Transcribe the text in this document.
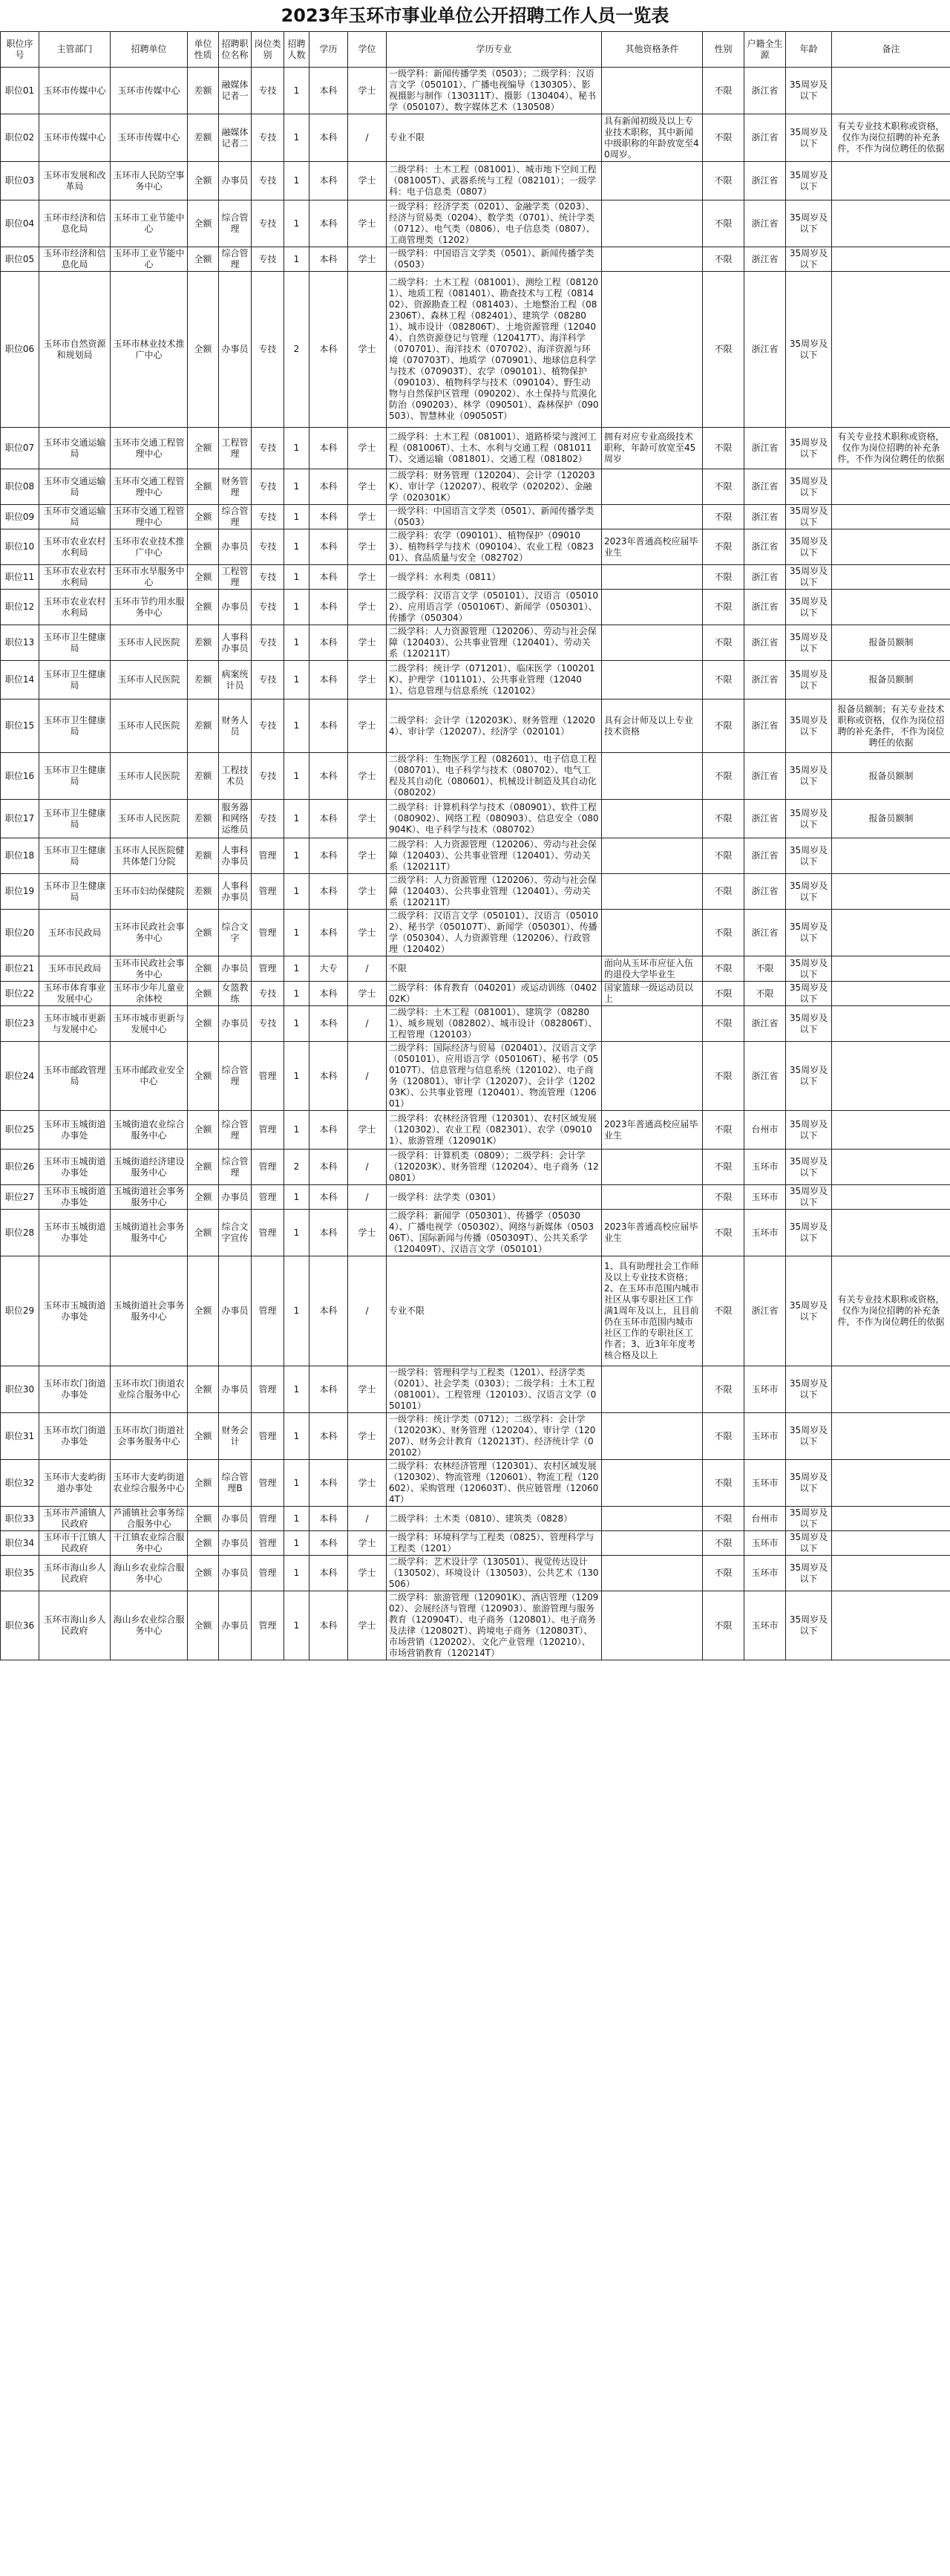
2023年玉环市事业单位公开招聘工作人员一览表
职位序号	主管部门	招聘单位	单位性质	招聘职位名称	岗位类别	招聘人数	学历	学位	学历专业	其他资格条件	性别	户籍全生源	年龄	备注
职位01	玉环市传媒中心	玉环市传媒中心	差额	融媒体记者一	专技	1	本科	学士	一级学科：新闻传播学类（0503）；二级学科：汉语言文学（050101）、广播电视编导（130305）、影视摄影与制作（130311T）、摄影（130404）、秘书学（050107）、数字媒体艺术（130508）		不限	浙江省	35周岁及以下	
职位02	玉环市传媒中心	玉环市传媒中心	差额	融媒体记者二	专技	1	本科	/	专业不限	具有新闻初级及以上专业技术职称，其中新闻中级职称的年龄放宽至40周岁。	不限	浙江省	35周岁及以下	有关专业技术职称或资格，仅作为岗位招聘的补充条件，不作为岗位聘任的依据
职位03	玉环市发展和改革局	玉环市人民防空事务中心	全额	办事员	专技	1	本科	学士	二级学科：土木工程（081001）、城市地下空间工程（081005T）、武器系统与工程（082101）；一级学科：电子信息类（0807）		不限	浙江省	35周岁及以下	
职位04	玉环市经济和信息化局	玉环市工业节能中心	全额	综合管理	专技	1	本科	学士	一级学科：经济学类（0201）、金融学类（0203）、经济与贸易类（0204）、数学类（0701）、统计学类（0712）、电气类（0806）、电子信息类（0807）、工商管理类（1202）		不限	浙江省	35周岁及以下	
职位05	玉环市经济和信息化局	玉环市工业节能中心	全额	综合管理	专技	1	本科	学士	一级学科：中国语言文学类（0501）、新闻传播学类（0503）		不限	浙江省	35周岁及以下	
职位06	玉环市自然资源和规划局	玉环市林业技术推广中心	全额	办事员	专技	2	本科	学士	二级学科：土木工程（081001）、测绘工程（081201）、地质工程（081401）、勘查技术与工程（081402）、资源勘查工程（081403）、土地整治工程（082306T）、森林工程（082401）、建筑学（082801）、城市设计（082806T）、土地资源管理（120404）、自然资源登记与管理（120417T）、海洋科学（070701）、海洋技术（070702）、海洋资源与环境（070703T）、地质学（070901）、地球信息科学与技术（070903T）、农学（090101）、植物保护（090103）、植物科学与技术（090104）、野生动物与自然保护区管理（090202）、水土保持与荒漠化防治（090203）、林学（090501）、森林保护（090503）、智慧林业（090505T）		不限	浙江省	35周岁及以下	
职位07	玉环市交通运输局	玉环市交通工程管理中心	全额	工程管理	专技	1	本科	学士	二级学科：土木工程（081001）、道路桥梁与渡河工程（081006T）、土木、水利与交通工程（081011T）、交通运输（081801）、交通工程（081802）	拥有对应专业高级技术职称，年龄可放宽至45周岁	不限	浙江省	35周岁及以下	有关专业技术职称或资格，仅作为岗位招聘的补充条件，不作为岗位聘任的依据
职位08	玉环市交通运输局	玉环市交通工程管理中心	全额	财务管理	专技	1	本科	学士	二级学科：财务管理（120204）、会计学（120203K）、审计学（120207）、税收学（020202）、金融学（020301K）		不限	浙江省	35周岁及以下	
职位09	玉环市交通运输局	玉环市交通工程管理中心	全额	综合管理	专技	1	本科	学士	一级学科：中国语言文学类（0501）、新闻传播学类（0503）		不限	浙江省	35周岁及以下	
职位10	玉环市农业农村水利局	玉环市农业技术推广中心	全额	办事员	专技	1	本科	学士	二级学科：农学（090101）、植物保护（090103）、植物科学与技术（090104）、农业工程（082301）、食品质量与安全（082702）	2023年普通高校应届毕业生	不限	浙江省	35周岁及以下	
职位11	玉环市农业农村水利局	玉环市水旱服务中心	全额	工程管理	专技	1	本科	学士	一级学科：水利类（0811）		不限	浙江省	35周岁及以下	
职位12	玉环市农业农村水利局	玉环市节约用水服务中心	全额	办事员	专技	1	本科	学士	二级学科：汉语言文学（050101）、汉语言（050102）、应用语言学（050106T）、新闻学（050301）、传播学（050304）		不限	浙江省	35周岁及以下	
职位13	玉环市卫生健康局	玉环市人民医院	差额	人事科办事员	专技	1	本科	学士	二级学科：人力资源管理（120206）、劳动与社会保障（120403）、公共事业管理（120401）、劳动关系（120211T）		不限	浙江省	35周岁及以下	报备员额制
职位14	玉环市卫生健康局	玉环市人民医院	差额	病案统计员	专技	1	本科	学士	二级学科：统计学（071201）、临床医学（100201K）、护理学（101101）、公共事业管理（120401）、信息管理与信息系统（120102）		不限	浙江省	35周岁及以下	报备员额制
职位15	玉环市卫生健康局	玉环市人民医院	差额	财务人员	专技	1	本科	学士	二级学科：会计学（120203K）、财务管理（120204）、审计学（120207）、经济学（020101）	具有会计师及以上专业技术资格	不限	浙江省	35周岁及以下	报备员额制；有关专业技术职称或资格，仅作为岗位招聘的补充条件，不作为岗位聘任的依据
职位16	玉环市卫生健康局	玉环市人民医院	差额	工程技术员	专技	1	本科	学士	二级学科：生物医学工程（082601）、电子信息工程（080701）、电子科学与技术（080702）、电气工程及其自动化（080601）、机械设计制造及其自动化（080202）		不限	浙江省	35周岁及以下	报备员额制
职位17	玉环市卫生健康局	玉环市人民医院	差额	服务器和网络运维员	专技	1	本科	学士	二级学科：计算机科学与技术（080901）、软件工程（080902）、网络工程（080903）、信息安全（080904K）、电子科学与技术（080702）		不限	浙江省	35周岁及以下	报备员额制
职位18	玉环市卫生健康局	玉环市人民医院健共体楚门分院	差额	人事科办事员	管理	1	本科	学士	二级学科：人力资源管理（120206）、劳动与社会保障（120403）、公共事业管理（120401）、劳动关系（120211T）		不限	浙江省	35周岁及以下	
职位19	玉环市卫生健康局	玉环市妇幼保健院	差额	人事科办事员	管理	1	本科	学士	二级学科：人力资源管理（120206）、劳动与社会保障（120403）、公共事业管理（120401）、劳动关系（120211T）		不限	浙江省	35周岁及以下	
职位20	玉环市民政局	玉环市民政社会事务中心	全额	综合文字	管理	1	本科	学士	二级学科：汉语言文学（050101）、汉语言（050102）、秘书学（050107T）、新闻学（050301）、传播学（050304）、人力资源管理（120206）、行政管理（120402）		不限	浙江省	35周岁及以下	
职位21	玉环市民政局	玉环市民政社会事务中心	全额	办事员	管理	1	大专	/	不限	面向从玉环市应征入伍的退役大学毕业生	不限	不限	35周岁及以下	
职位22	玉环市体育事业发展中心	玉环市少年儿童业余体校	全额	女篮教练	专技	1	本科	学士	二级学科：体育教育（040201）或运动训练（040202K）	国家篮球一级运动员以上	不限	不限	35周岁及以下	
职位23	玉环市城市更新与发展中心	玉环市城市更新与发展中心	全额	办事员	专技	1	本科	/	二级学科：土木工程（081001）、建筑学（082801）、城乡规划（082802）、城市设计（082806T）、工程管理（120103）		不限	浙江省	35周岁及以下	
职位24	玉环市邮政管理局	玉环市邮政业安全中心	全额	综合管理	管理	1	本科	/	二级学科：国际经济与贸易（020401）、汉语言文学（050101）、应用语言学（050106T）、秘书学（050107T）、信息管理与信息系统（120102）、电子商务（120801）、审计学（120207）、会计学（120203K）、公共事业管理（120401）、物流管理（120601）		不限	浙江省	35周岁及以下	
职位25	玉环市玉城街道办事处	玉城街道农业综合服务中心	全额	综合管理	管理	1	本科	学士	二级学科：农林经济管理（120301）、农村区域发展（120302）、农业工程（082301）、农学（090101）、旅游管理（120901K）	2023年普通高校应届毕业生	不限	台州市	35周岁及以下	
职位26	玉环市玉城街道办事处	玉城街道经济建设服务中心	全额	综合管理	管理	2	本科	/	一级学科：计算机类（0809）；二级学科：会计学（120203K）、财务管理（120204）、电子商务（120801）		不限	玉环市	35周岁及以下	
职位27	玉环市玉城街道办事处	玉城街道社会事务服务中心	全额	办事员	管理	1	本科	/	一级学科：法学类（0301）		不限	玉环市	35周岁及以下	
职位28	玉环市玉城街道办事处	玉城街道社会事务服务中心	全额	综合文字宣传	管理	1	本科	学士	二级学科：新闻学（050301）、传播学（050304）、广播电视学（050302）、网络与新媒体（050306T）、国际新闻与传播（050309T）、公共关系学（120409T）、汉语言文学（050101）	2023年普通高校应届毕业生	不限	玉环市	35周岁及以下	
职位29	玉环市玉城街道办事处	玉城街道社会事务服务中心	全额	办事员	管理	1	本科	/	专业不限	1、具有助理社会工作师及以上专业技术资格；2、在玉环市范围内城市社区从事专职社区工作满1周年及以上，且目前仍在玉环市范围内城市社区工作的专职社区工作者；3、近3年年度考核合格及以上	不限	浙江省	35周岁及以下	有关专业技术职称或资格，仅作为岗位招聘的补充条件，不作为岗位聘任的依据
职位30	玉环市坎门街道办事处	玉环市坎门街道农业综合服务中心	全额	办事员	管理	1	本科	学士	一级学科：管理科学与工程类（1201）、经济学类（0201）、社会学类（0303）；二级学科：土木工程（081001）、工程管理（120103）、汉语言文学（050101）		不限	玉环市	35周岁及以下	
职位31	玉环市坎门街道办事处	玉环市坎门街道社会事务服务中心	全额	财务会计	管理	1	本科	学士	一级学科：统计学类（0712）；二级学科：会计学（120203K）、财务管理（120204）、审计学（120207）、财务会计教育（120213T）、经济统计学（020102）		不限	玉环市	35周岁及以下	
职位32	玉环市大麦屿街道办事处	玉环市大麦屿街道农业综合服务中心	全额	综合管理B	管理	1	本科	学士	二级学科：农林经济管理（120301）、农村区域发展（120302）、物流管理（120601）、物流工程（120602）、采购管理（120603T）、供应链管理（120604T）		不限	玉环市	35周岁及以下	
职位33	玉环市芦浦镇人民政府	芦浦镇社会事务综合服务中心	全额	办事员	管理	1	本科	/	二级学科：土木类（0810）、建筑类（0828）		不限	台州市	35周岁及以下	
职位34	玉环市干江镇人民政府	干江镇农业综合服务中心	全额	办事员	管理	1	本科	学士	一级学科：环境科学与工程类（0825）、管理科学与工程类（1201）		不限	玉环市	35周岁及以下	
职位35	玉环市海山乡人民政府	海山乡农业综合服务中心	全额	办事员	管理	1	本科	学士	二级学科：艺术设计学（130501）、视觉传达设计（130502）、环境设计（130503）、公共艺术（130506）		不限	玉环市	35周岁及以下	
职位36	玉环市海山乡人民政府	海山乡农业综合服务中心	全额	办事员	管理	1	本科	学士	二级学科：旅游管理（120901K）、酒店管理（120902）、会展经济与管理（120903）、旅游管理与服务教育（120904T）、电子商务（120801）、电子商务及法律（120802T）、跨境电子商务（120803T）、市场营销（120202）、文化产业管理（120210）、市场营销教育（120214T）		不限	玉环市	35周岁及以下	
